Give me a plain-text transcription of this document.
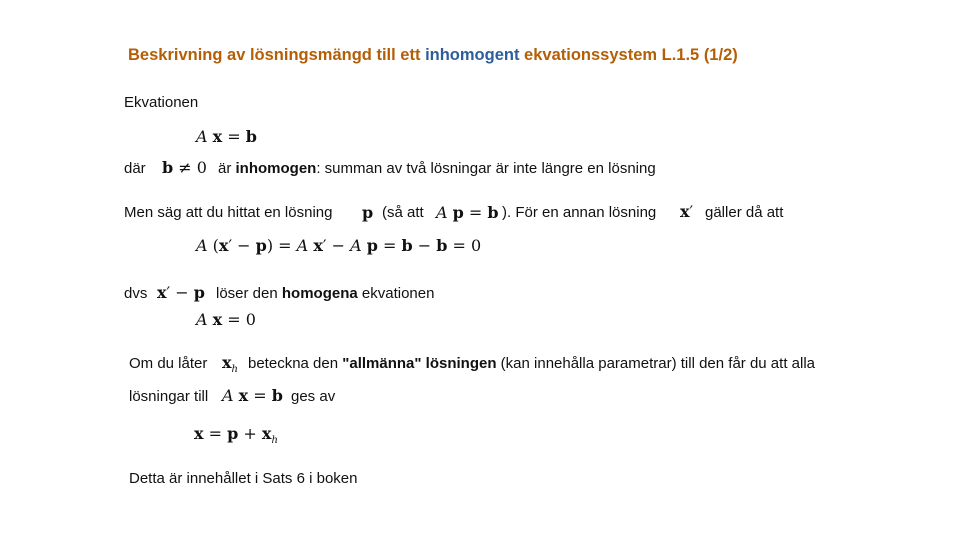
Beskrivning av lösningsmängd till ett inhomogent ekvationssystem L.1.5 (1/2)
Ekvationen
A x = b
där b ≠ 0 är inhomogen: summan av två lösningar är inte längre en lösning
Men säg att du hittat en lösning p (så att A p = b ). För en annan lösning x′ gäller då att
A (x′ − p) = A x′ − A p = b − b = 0
dvs x′ − p löser den homogena ekvationen
A x = 0
Om du låter $x_h$ beteckna den "allmänna" lösningen (kan innehålla parametrar) till den får du att alla
lösningar till A x = b ges av
$x = p + x_h$
Detta är innehållet i Sats 6 i boken
